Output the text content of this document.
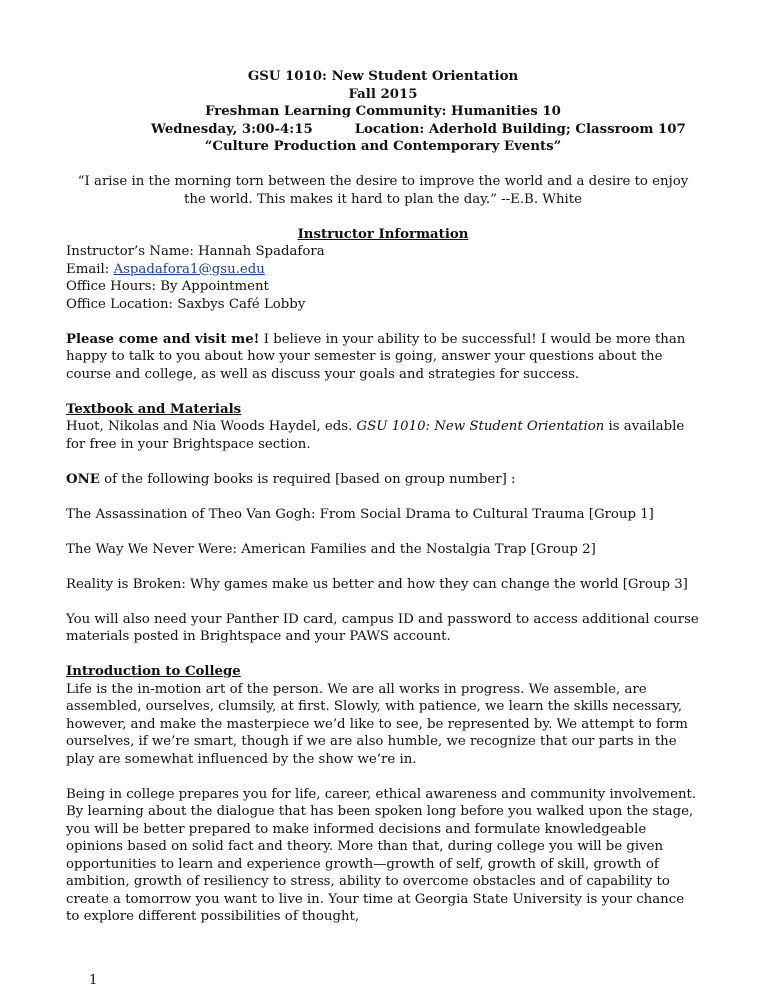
GSU 1010: New Student Orientation
Fall 2015
Freshman Learning Community: Humanities 10
Wednesday, 3:00-4:15	Location: Aderhold Building; Classroom 107
“Culture Production and Contemporary Events”
“I arise in the morning torn between the desire to improve the world and a desire to enjoy the world. This makes it hard to plan the day.” --E.B. White
Instructor Information
Instructor’s Name: Hannah Spadafora
Email: Aspadafora1@gsu.edu
Office Hours: By Appointment
Office Location: Saxbys Café Lobby

Please come and visit me! I believe in your ability to be successful! I would be more than happy to talk to you about how your semester is going, answer your questions about the course and college, as well as discuss your goals and strategies for success.

Textbook and Materials

Huot, Nikolas and Nia Woods Haydel, eds. GSU 1010: New Student Orientation is available for free in your Brightspace section.

ONE of the following books is required [based on group number] :

The Assassination of Theo Van Gogh: From Social Drama to Cultural Trauma [Group 1]

The Way We Never Were: American Families and the Nostalgia Trap [Group 2]

Reality is Broken: Why games make us better and how they can change the world [Group 3]

You will also need your Panther ID card, campus ID and password to access additional course materials posted in Brightspace and your PAWS account.

Introduction to College

Life is the in-motion art of the person. We are all works in progress. We assemble, are assembled, ourselves, clumsily, at first. Slowly, with patience, we learn the skills necessary, however, and make the masterpiece we’d like to see, be represented by. We attempt to form ourselves, if we’re smart, though if we are also humble, we recognize that our parts in the play are somewhat influenced by the show we’re in.

Being in college prepares you for life, career, ethical awareness and community involvement. By learning about the dialogue that has been spoken long before you walked upon the stage, you will be better prepared to make informed decisions and formulate knowledgeable opinions based on solid fact and theory. More than that, during college you will be given opportunities to learn and experience growth—growth of self, growth of skill, growth of ambition, growth of resiliency to stress, ability to overcome obstacles and of capability to create a tomorrow you want to live in. Your time at Georgia State University is your chance to explore different possibilities of thought,

1
